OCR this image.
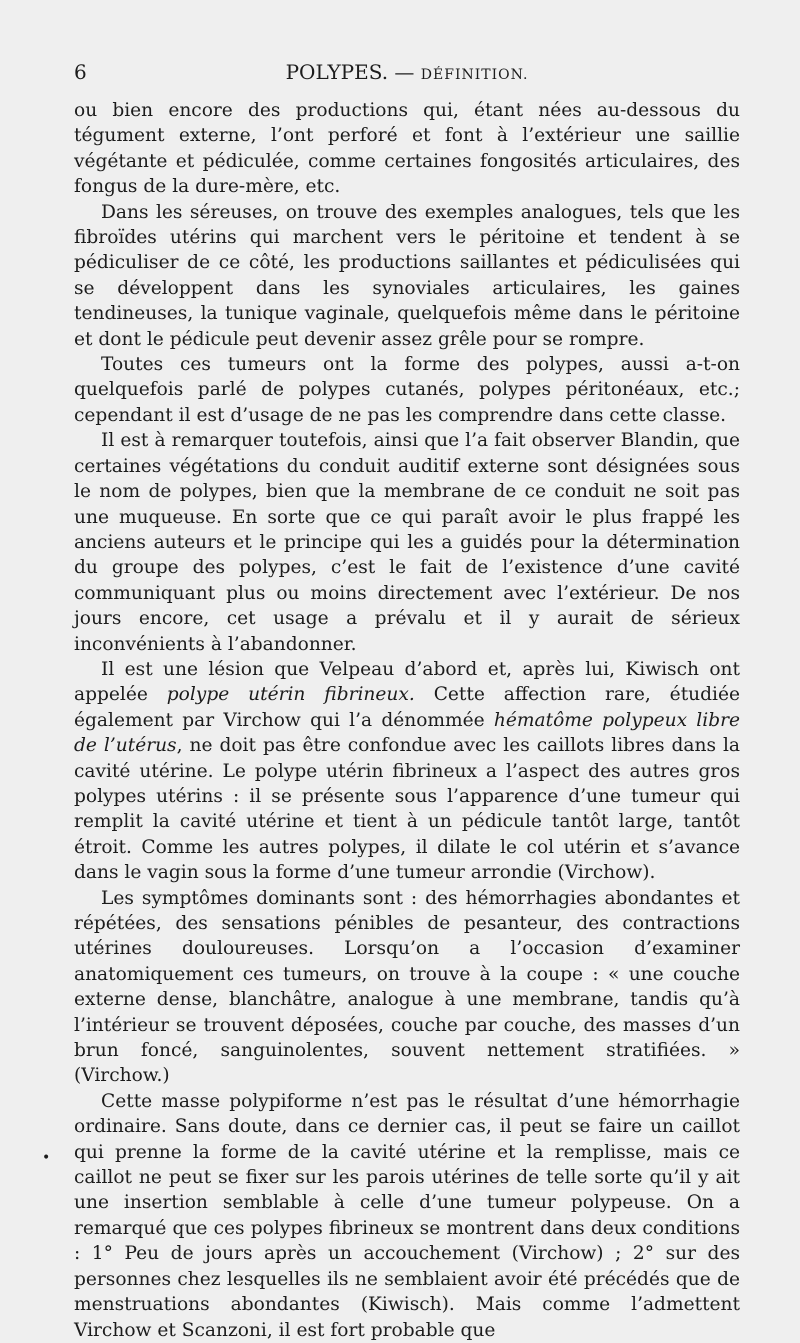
6	POLYPES. — DÉFINITION.

ou bien encore des productions qui, étant nées au-dessous du tégument externe, l’ont perforé et font à l’extérieur une saillie végétante et pédiculée, comme certaines fongosités articulaires, des fongus de la dure-mère, etc.

Dans les séreuses, on trouve des exemples analogues, tels que les fibroïdes utérins qui marchent vers le péritoine et tendent à se pédiculiser de ce côté, les productions saillantes et pédiculisées qui se développent dans les synoviales articulaires, les gaines tendineuses, la tunique vaginale, quelquefois même dans le péritoine et dont le pédicule peut devenir assez grêle pour se rompre.

Toutes ces tumeurs ont la forme des polypes, aussi a-t-on quelquefois parlé de polypes cutanés, polypes péritonéaux, etc.; cependant il est d’usage de ne pas les comprendre dans cette classe.

Il est à remarquer toutefois, ainsi que l’a fait observer Blandin, que certaines végétations du conduit auditif externe sont désignées sous le nom de polypes, bien que la membrane de ce conduit ne soit pas une muqueuse. En sorte que ce qui paraît avoir le plus frappé les anciens auteurs et le principe qui les a guidés pour la détermination du groupe des polypes, c’est le fait de l’existence d’une cavité communiquant plus ou moins directement avec l’extérieur. De nos jours encore, cet usage a prévalu et il y aurait de sérieux inconvénients à l’abandonner.

Il est une lésion que Velpeau d’abord et, après lui, Kiwisch ont appelée polype utérin fibrineux. Cette affection rare, étudiée également par Virchow qui l’a dénommée hématôme polypeux libre de l’utérus, ne doit pas être confondue avec les caillots libres dans la cavité utérine. Le polype utérin fibrineux a l’aspect des autres gros polypes utérins : il se présente sous l’apparence d’une tumeur qui remplit la cavité utérine et tient à un pédicule tantôt large, tantôt étroit. Comme les autres polypes, il dilate le col utérin et s’avance dans le vagin sous la forme d’une tumeur arrondie (Virchow).

Les symptômes dominants sont : des hémorrhagies abondantes et répétées, des sensations pénibles de pesanteur, des contractions utérines douloureuses. Lorsqu’on a l’occasion d’examiner anatomiquement ces tumeurs, on trouve à la coupe : « une couche externe dense, blanchâtre, analogue à une membrane, tandis qu’à l’intérieur se trouvent déposées, couche par couche, des masses d’un brun foncé, sanguinolentes, souvent nettement stratifiées. » (Virchow.)

Cette masse polypiforme n’est pas le résultat d’une hémorrhagie ordinaire. Sans doute, dans ce dernier cas, il peut se faire un caillot qui prenne la forme de la cavité utérine et la remplisse, mais ce caillot ne peut se fixer sur les parois utérines de telle sorte qu’il y ait une insertion semblable à celle d’une tumeur polypeuse. On a remarqué que ces polypes fibrineux se montrent dans deux conditions : 1° Peu de jours après un accouchement (Virchow) ; 2° sur des personnes chez lesquelles ils ne semblaient avoir été précédés que de menstruations abondantes (Kiwisch). Mais comme l’admettent Virchow et Scanzoni, il est fort probable que

•
